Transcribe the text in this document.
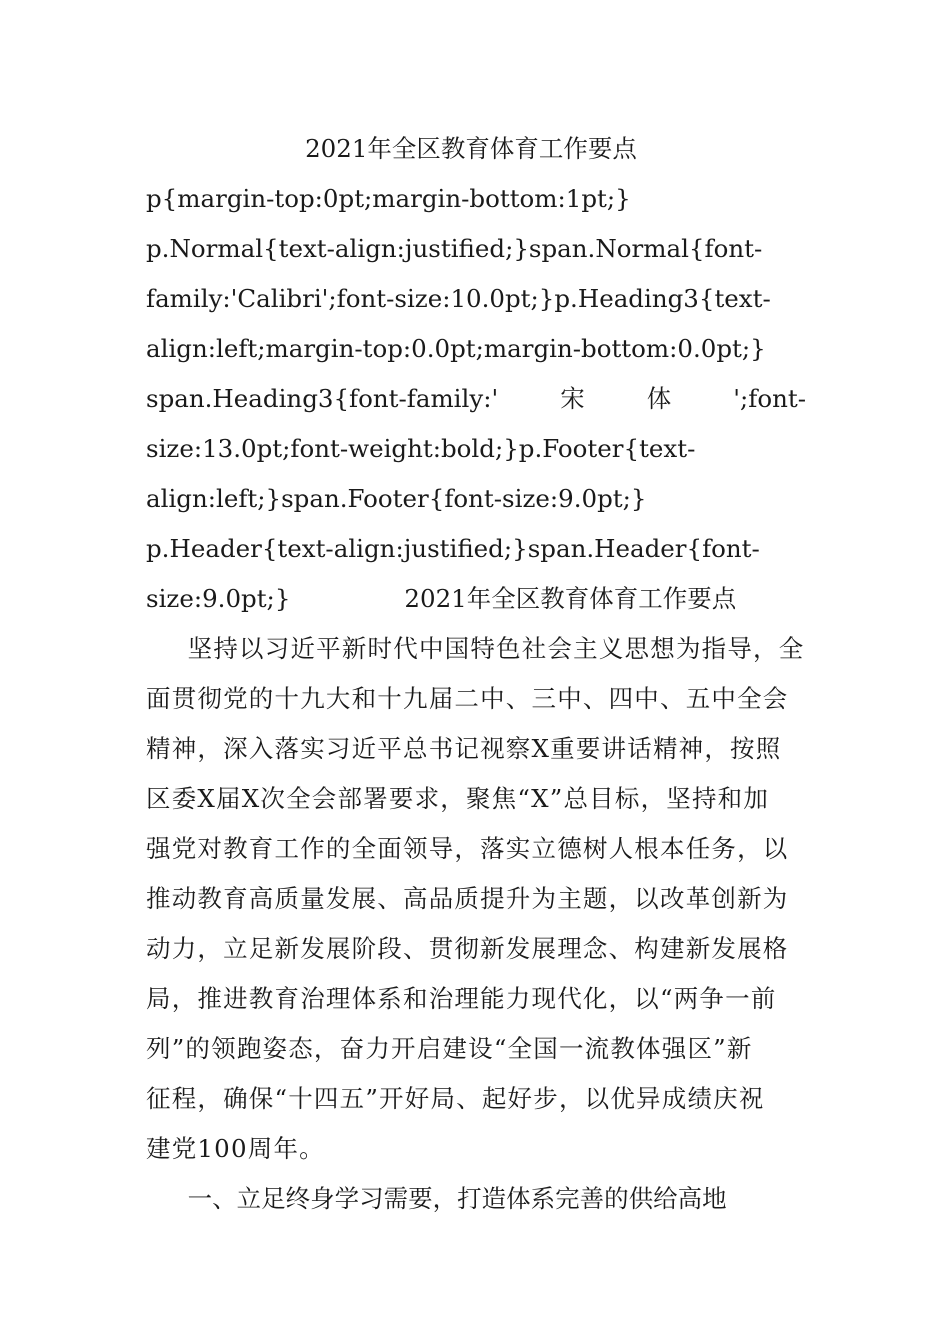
2021年全区教育体育工作要点

p{margin-top:0pt;margin-bottom:1pt;}

p.Normal{text-align:justified;}span.Normal{font-

family:'Calibri';font-size:10.0pt;}p.Heading3{text-

align:left;margin-top:0.0pt;margin-bottom:0.0pt;}

span.Heading3{font-family:'	宋	体	';font-

size:13.0pt;font-weight:bold;}p.Footer{text-

align:left;}span.Footer{font-size:9.0pt;}

p.Header{text-align:justified;}span.Header{font-

size:9.0pt;}	2021年全区教育体育工作要点

坚持以习近平新时代中国特色社会主义思想为指导，全
面贯彻党的十九大和十九届二中、三中、四中、五中全会
精神，深入落实习近平总书记视察X重要讲话精神，按照
区委X届X次全会部署要求，聚焦“X”总目标，坚持和加
强党对教育工作的全面领导，落实立德树人根本任务，以
推动教育高质量发展、高品质提升为主题，以改革创新为
动力，立足新发展阶段、贯彻新发展理念、构建新发展格
局，推进教育治理体系和治理能力现代化，以“两争一前
列”的领跑姿态，奋力开启建设“全国一流教体强区”新
征程，确保“十四五”开好局、起好步，以优异成绩庆祝
建党100周年。

一、立足终身学习需要，打造体系完善的供给高地
